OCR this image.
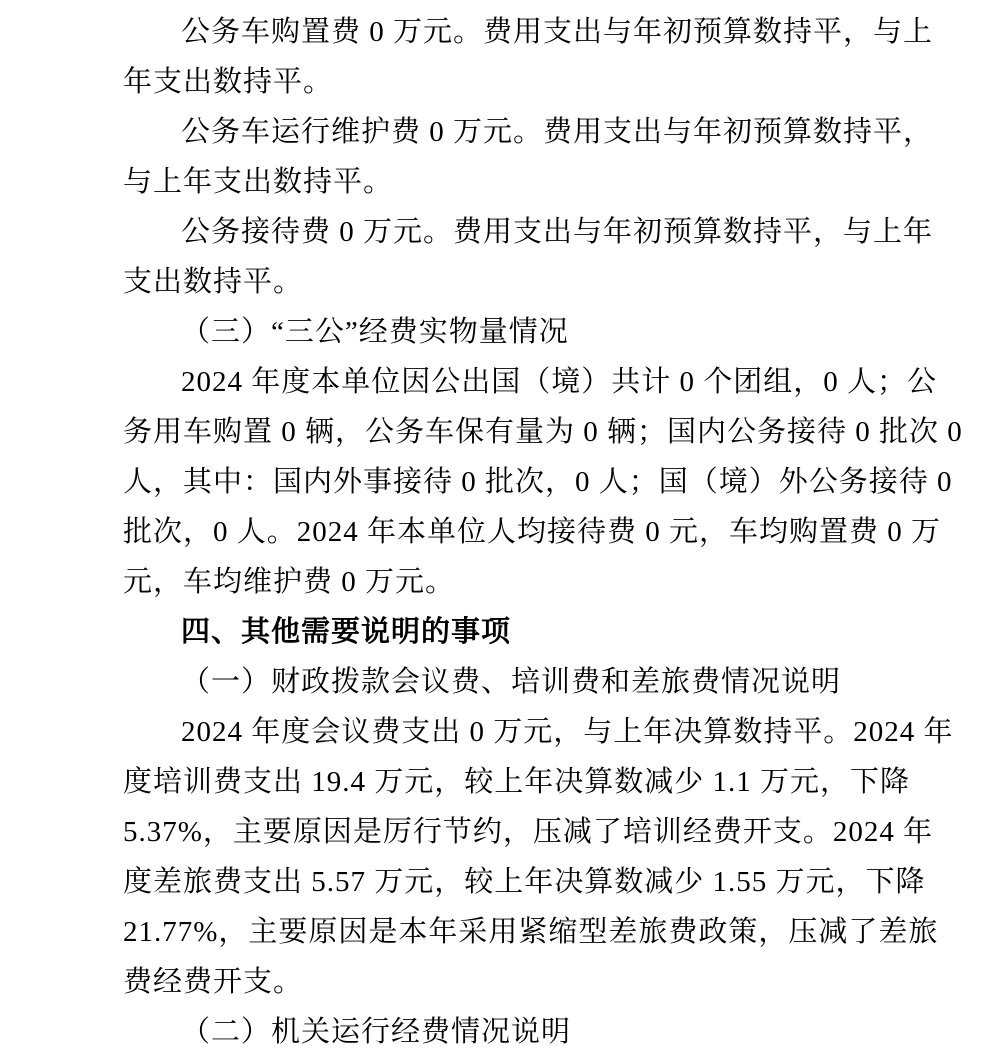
公务车购置费 0 万元。费用支出与年初预算数持平，与上
年支出数持平。
公务车运行维护费 0 万元。费用支出与年初预算数持平，
与上年支出数持平。
公务接待费 0 万元。费用支出与年初预算数持平，与上年
支出数持平。
（三）“三公”经费实物量情况
2024 年度本单位因公出国（境）共计 0 个团组，0 人；公
务用车购置 0 辆，公务车保有量为 0 辆；国内公务接待 0 批次 0
人，其中：国内外事接待 0 批次，0 人；国（境）外公务接待 0
批次，0 人。2024 年本单位人均接待费 0 元，车均购置费 0 万
元，车均维护费 0 万元。
四、其他需要说明的事项
（一）财政拨款会议费、培训费和差旅费情况说明
2024 年度会议费支出 0 万元，与上年决算数持平。2024 年
度培训费支出 19.4 万元，较上年决算数减少 1.1 万元，下降
5.37%，主要原因是厉行节约，压减了培训经费开支。2024 年
度差旅费支出 5.57 万元，较上年决算数减少 1.55 万元，下降
21.77%，主要原因是本年采用紧缩型差旅费政策，压减了差旅
费经费开支。
（二）机关运行经费情况说明
